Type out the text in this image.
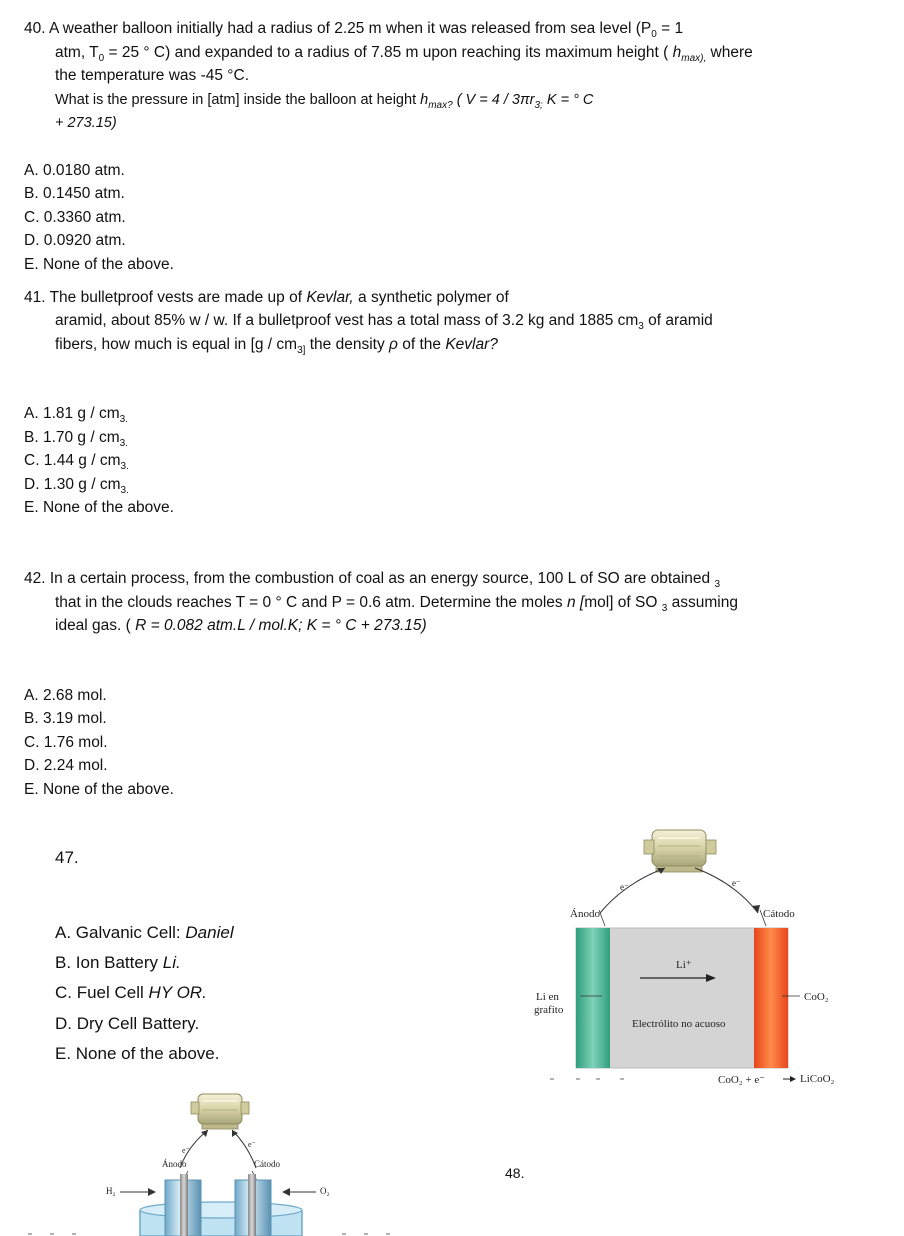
40. A weather balloon initially had a radius of 2.25 m when it was released from sea level ($P_0 = 1$
atm, $T_0 = 25$ ° C) and expanded to a radius of 7.85 m upon reaching its maximum height ( $h_{max),}$ where
the temperature was -45 °C.
What is the pressure in [atm] inside the balloon at height $h_{max?}$ ( $V = 4 / 3\pi r_{3;}$ K = ° C
+ 273.15)
A. 0.0180 atm.
B. 0.1450 atm.
C. 0.3360 atm.
D. 0.0920 atm.
E. None of the above.
41. The bulletproof vests are made up of Kevlar, a synthetic polymer of
aramid, about 85% w / w. If a bulletproof vest has a total mass of 3.2 kg and 1885 $cm_3$ of aramid
fibers, how much is equal in [$g / cm_{3]}$ the density ρ of the Kevlar?
A. 1.81 g / $cm_{3.}$
B. 1.70 g / $cm_{3.}$
C. 1.44 g / $cm_{3.}$
D. 1.30 g / $cm_{3.}$
E. None of the above.
42. In a certain process, from the combustion of coal as an energy source, 100 L of SO are obtained $_3$
that in the clouds reaches T = 0 ° C and P = 0.6 atm. Determine the moles n [mol] of SO $_3$ assuming
ideal gas. ( R = 0.082 atm.L / mol.K; K = ° C + 273.15)
A. 2.68 mol.
B. 3.19 mol.
C. 1.76 mol.
D. 2.24 mol.
E. None of the above.
47.
A. Galvanic Cell: Daniel
B. Ion Battery Li.
C. Fuel Cell HY OR.
D. Dry Cell Battery.
E. None of the above.
48.
e⁻	e⁻
Ánodo	Cátodo
Li⁺
Li en
grafito
CoO₂
Electrólito no acuoso
CoO₂ + e⁻	LiCoO₂
e⁻
e⁻
Ánodo	Cátodo
H₂	O₂
